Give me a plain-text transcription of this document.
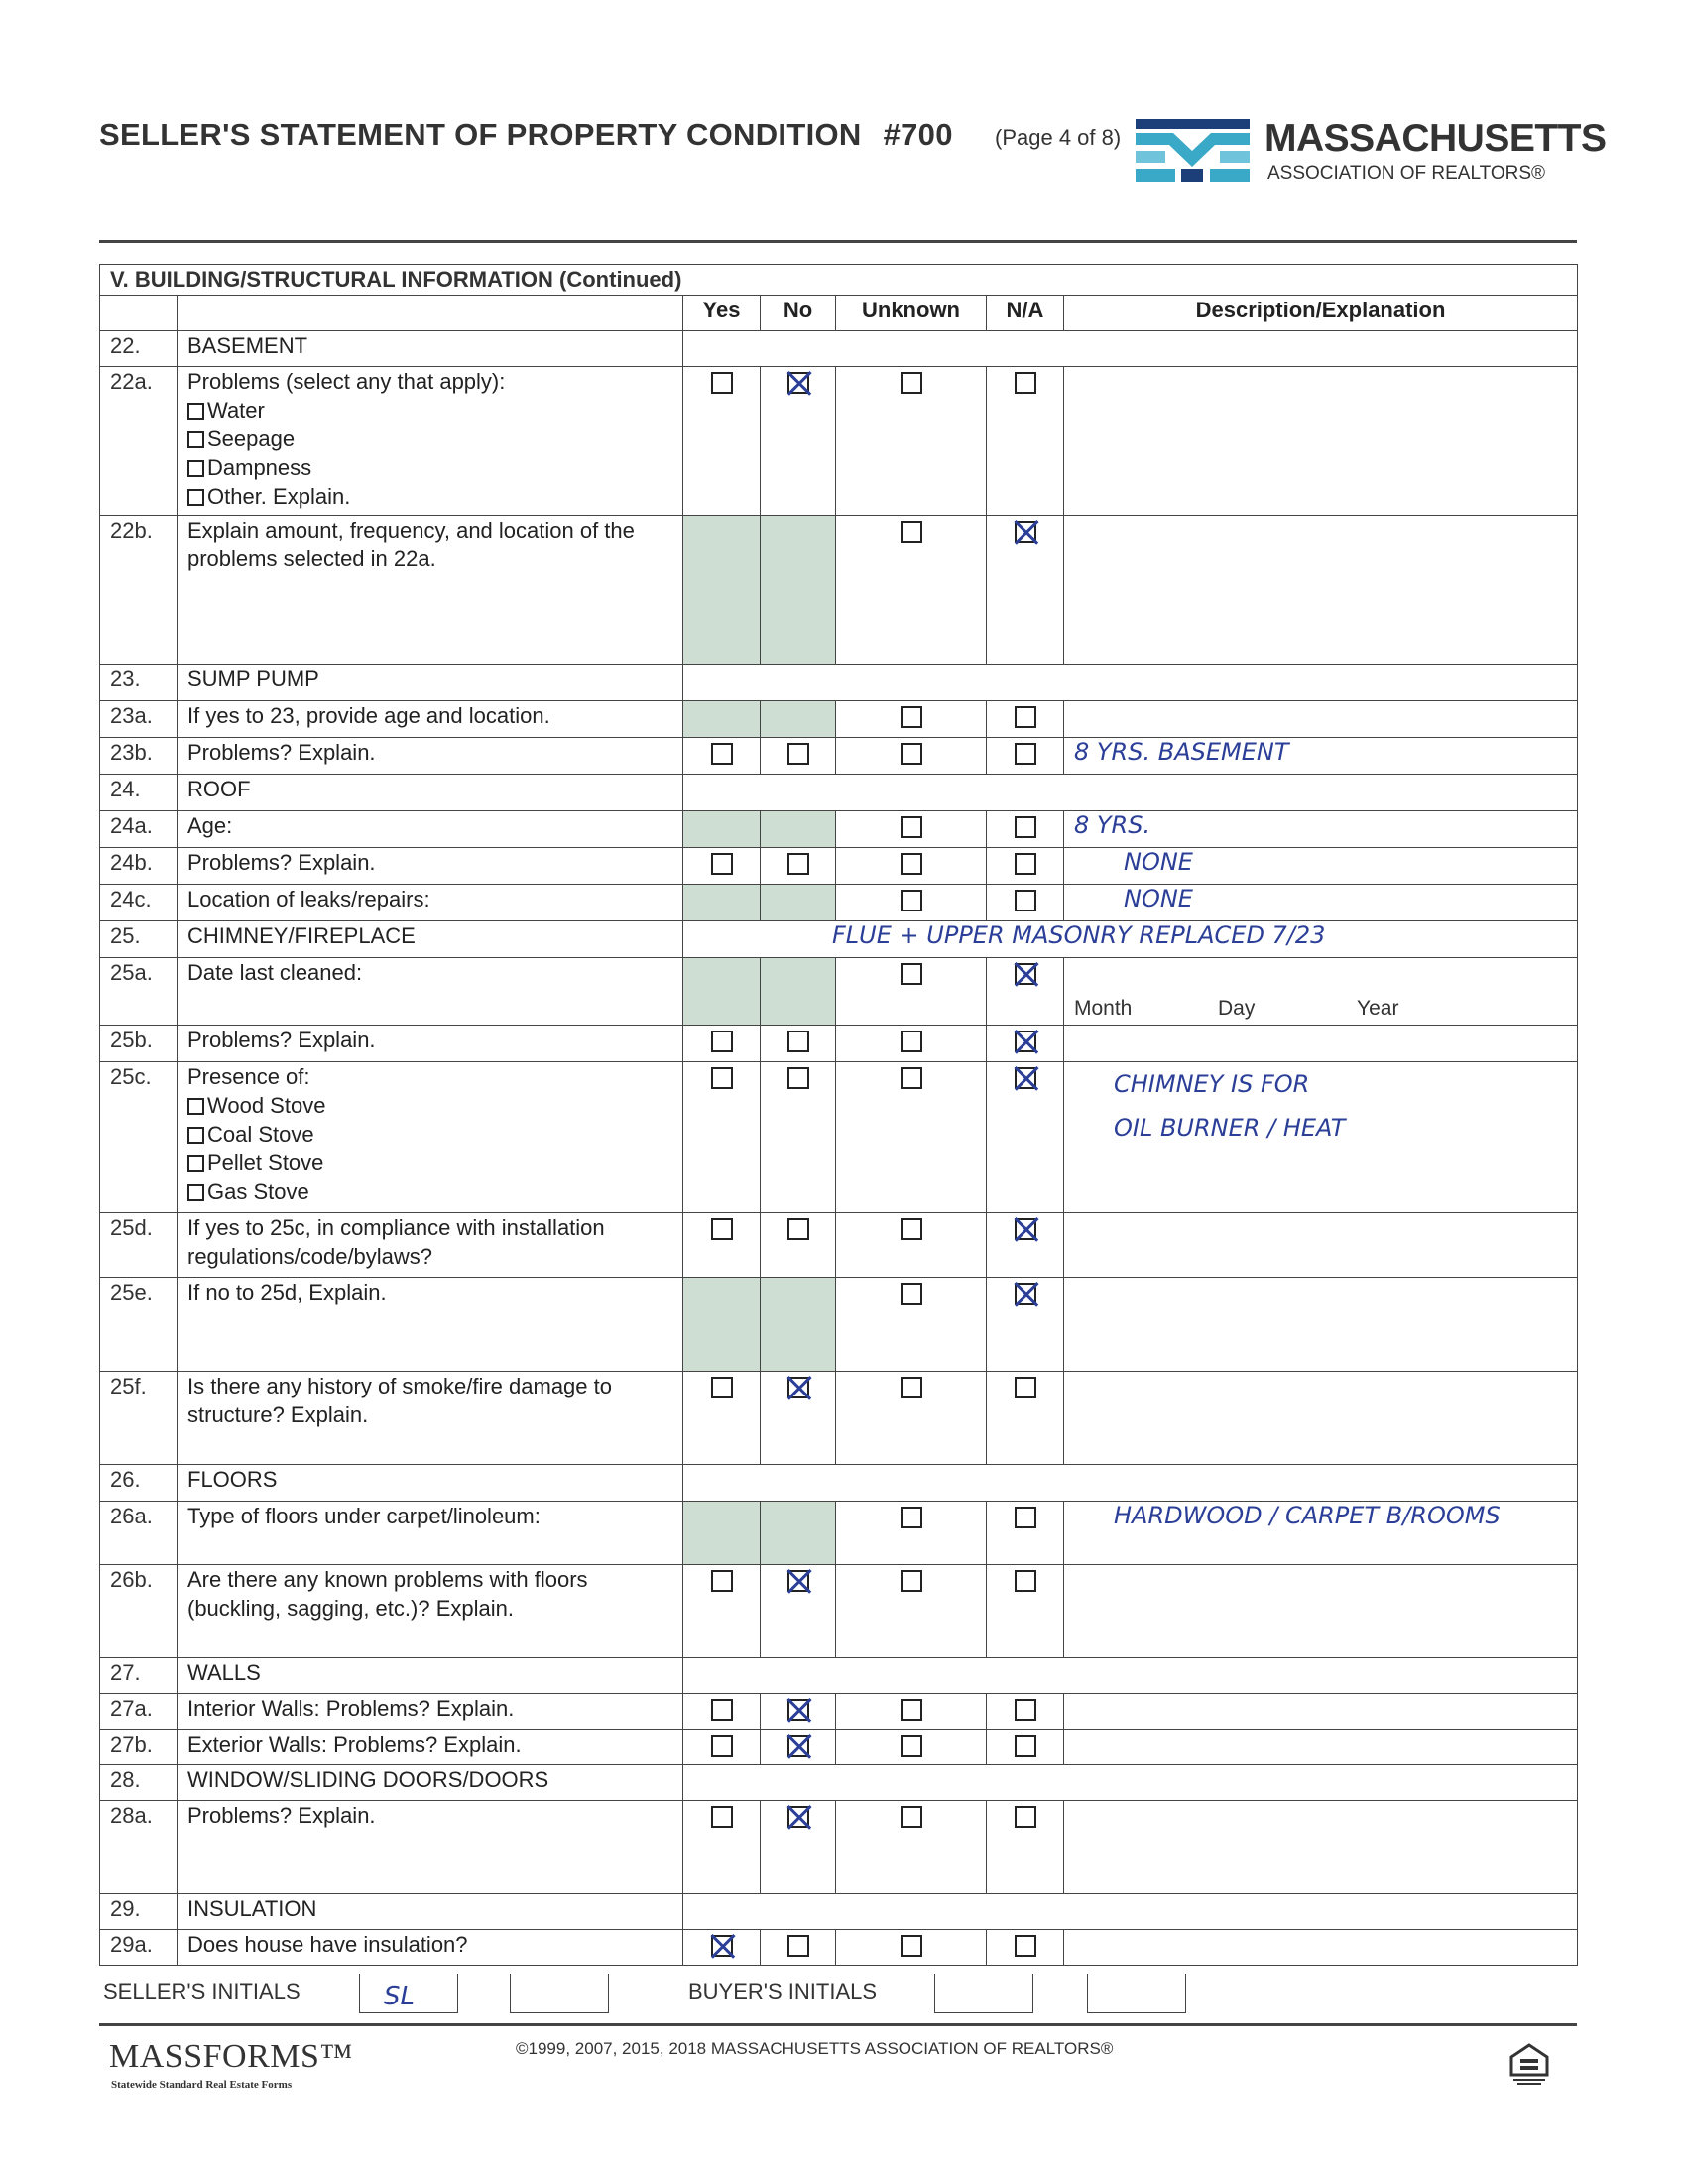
SELLER'S STATEMENT OF PROPERTY CONDITION #700 (Page 4 of 8)	MASSACHUSETTS
ASSOCIATION OF REALTORS®
V. BUILDING/STRUCTURAL INFORMATION (Continued)						
		Yes	No	Unknown	N/A	Description/Explanation
22.	BASEMENT					
22a.	Problems (select any that apply):
Water
Seepage
Dampness
Other. Explain.					

22b.	Explain amount, frequency, and location of the problems selected in 22a.					
23.	SUMP PUMP					
23a.	If yes to 23, provide age and location.					
23b.	Problems? Explain.					8 YRS. BASEMENT
24.	ROOF					
24a.	Age:					8 YRS.
24b.	Problems? Explain.					NONE
24c.	Location of leaks/repairs:					NONE
25.	CHIMNEY/FIREPLACE	FLUE + UPPER MASONRY REPLACED 7/23				
25a.	Date last cleaned:					Month Day Year

25b.	Problems? Explain.					
25c.	Presence of:
Wood Stove
Coal Stove
Pellet Stove
Gas Stove					CHIMNEY IS FOR
OIL BURNER / HEAT

25d.	If yes to 25c, in compliance with installation regulations/code/bylaws?					
25e.	If no to 25d, Explain.					
25f.	Is there any history of smoke/fire damage to structure? Explain.					
26.	FLOORS					
26a.	Type of floors under carpet/linoleum:					HARDWOOD / CARPET B/ROOMS
26b.	Are there any known problems with floors (buckling, sagging, etc.)? Explain.					
27.	WALLS					
27a.	Interior Walls: Problems? Explain.					
27b.	Exterior Walls: Problems? Explain.					
28.	WINDOW/SLIDING DOORS/DOORS					
28a.	Problems? Explain.					
29.	INSULATION					
29a.	Does house have insulation?					
SELLER'S INITIALS	SL	BUYER'S INITIALS
MASSFORMS™
Statewide Standard Real Estate Forms
©1999, 2007, 2015, 2018 MASSACHUSETTS ASSOCIATION OF REALTORS®
